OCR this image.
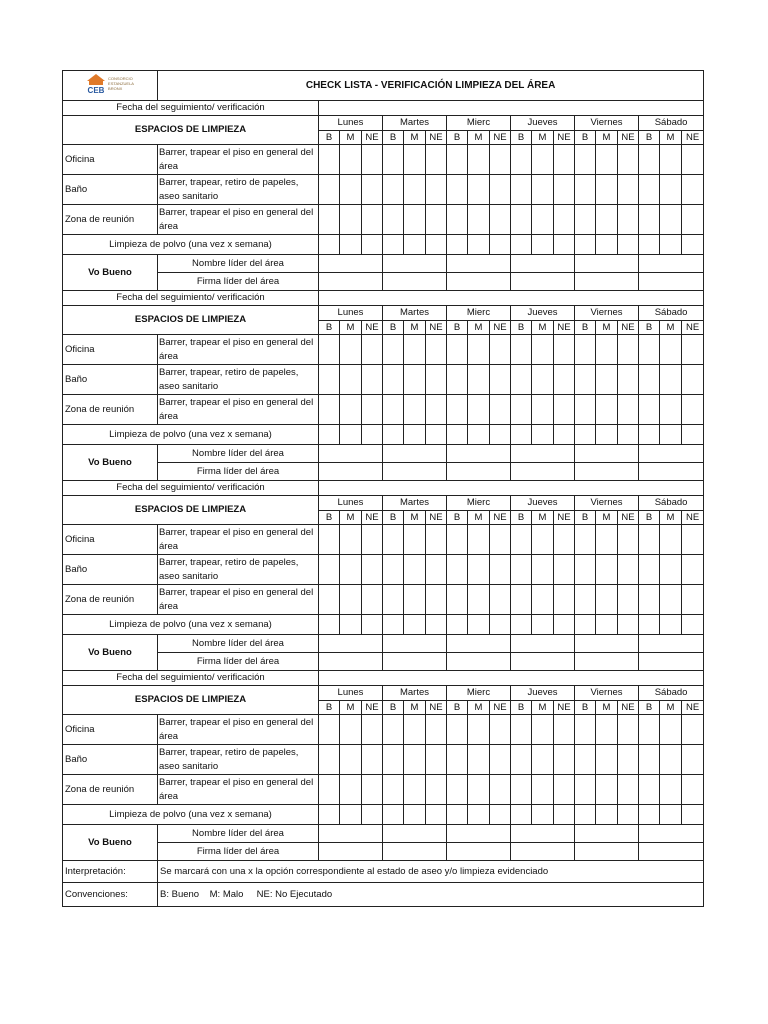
CEB
CONSORCIO
ESTANZUELA
BRONX	CHECK LISTA - VERIFICACIÓN LIMPIEZA DEL ÁREA																		
Fecha del seguimiento/ verificación																			
ESPACIOS DE LIMPIEZA		Lunes			Martes			Mierc			Jueves			Viernes			Sábado		
		B	M	NE	B	M	NE	B	M	NE	B	M	NE	B	M	NE	B	M	NE
Oficina	Barrer, trapear el piso en general del área																		
Baño	Barrer, trapear, retiro de papeles, aseo sanitario																		
Zona de reunión	Barrer, trapear el piso en general del área																		
Limpieza de polvo (una vez x semana)																			
Vo Bueno	Nombre líder del área																		
	Firma líder del área																		
Fecha del seguimiento/ verificación																			
ESPACIOS DE LIMPIEZA		Lunes			Martes			Mierc			Jueves			Viernes			Sábado		
		B	M	NE	B	M	NE	B	M	NE	B	M	NE	B	M	NE	B	M	NE
Oficina	Barrer, trapear el piso en general del área																		
Baño	Barrer, trapear, retiro de papeles, aseo sanitario																		
Zona de reunión	Barrer, trapear el piso en general del área																		
Limpieza de polvo (una vez x semana)																			
Vo Bueno	Nombre líder del área																		
	Firma líder del área																		
Fecha del seguimiento/ verificación																			
ESPACIOS DE LIMPIEZA		Lunes			Martes			Mierc			Jueves			Viernes			Sábado		
		B	M	NE	B	M	NE	B	M	NE	B	M	NE	B	M	NE	B	M	NE
Oficina	Barrer, trapear el piso en general del área																		
Baño	Barrer, trapear, retiro de papeles, aseo sanitario																		
Zona de reunión	Barrer, trapear el piso en general del área																		
Limpieza de polvo (una vez x semana)																			
Vo Bueno	Nombre líder del área																		
	Firma líder del área																		
Fecha del seguimiento/ verificación																			
ESPACIOS DE LIMPIEZA		Lunes			Martes			Mierc			Jueves			Viernes			Sábado		
		B	M	NE	B	M	NE	B	M	NE	B	M	NE	B	M	NE	B	M	NE
Oficina	Barrer, trapear el piso en general del área																		
Baño	Barrer, trapear, retiro de papeles, aseo sanitario																		
Zona de reunión	Barrer, trapear el piso en general del área																		
Limpieza de polvo (una vez x semana)																			
Vo Bueno	Nombre líder del área																		
	Firma líder del área																		
Interpretación:	Se marcará con una x la opción correspondiente al estado de aseo y/o limpieza evidenciado																		
Convenciones:	B: Bueno    M: Malo     NE: No Ejecutado																		
